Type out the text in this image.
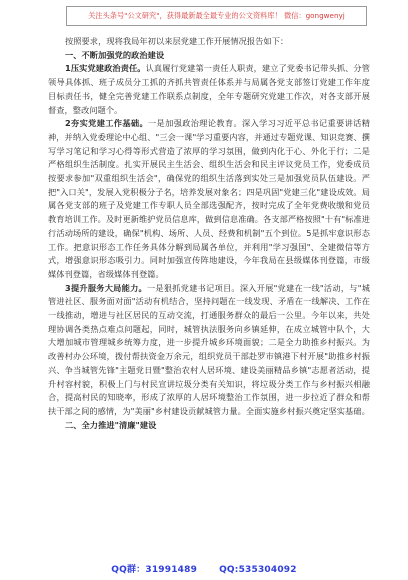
关注头条号"公文研究"，获得最新最全最专业的公文资料库！ 微信：gongwenyj

按照要求，现将我局年初以来层党建工作开展情况报告如下：

一、不断加强党的政治建设

1压实党建政治责任。认真履行党建第一责任人职责，建立了党委书记带头抓、分管领导具体抓、班子成员分工抓的齐抓共管责任体系并与局属各党支部签订党建工作年度目标责任书，健全完善党建工作联系点制度，全年专题研究党建工作次，对各支部开展督查，整改问题个。

2夯实党建工作基础。一是加强政治理论教育。深入学习习近平总书记重要讲话精神，并纳入党委理论中心组、"三会一课"学习重要内容，并通过专题党课、知识竞赛、撰写学习笔记和学习心得等形式营造了浓厚的学习氛围，做到内化于心、外化于行；二是严格组织生活制度。扎实开展民主生活会、组织生活会和民主评议党员工作，党委成员按要求参加"双重组织生活会"，确保党的组织生活落到实处三是加强党员队伍建设。严把"入口关"，发展入党积极分子名，培养发展对象名；四是巩固"党建三化"建设成效。局属各党支部的班子及党建工作专职人员全部选强配齐，按时完成了全年党费收缴和党员教育培训工作。及时更新维护党员信息库，做到信息准确。各支部严格按照"十有"标准进行活动场所的建设，确保"机构、场所、人员、经费和机制"五个到位。5是抓牢意识形态工作。把意识形态工作任务具体分解到局属各单位，并利用"学习强国"、全建微信等方式，增强意识形态吸引力。同时加强宣传阵地建设，今年我局在县级媒体刊登篇，市级媒体刊登篇，省级媒体刊登篇。

3提升服务大局能力。一是狠抓党建书记项目。深入开展"党建在一线"活动，与"城管进社区、服务面对面"活动有机结合，坚持问题在一线发现、矛盾在一线解决、工作在一线推动，增进与社区居民的互动交流，打通服务群众的最后一公里。今年以来，共处理协调各类热点难点问题起，同时，城管执法服务向乡镇延伸，在成立城管中队个，大大增加城市管理城乡统筹力度，进一步提升城乡环境面貌；二是全力助推乡村振兴。为改善村办公环境，拨付帮扶资金万余元，组织党员干部赴罗市镇港下村开展"助推乡村振兴、争当城管先锋"主题党日暨"整治农村人居环境、建设美丽精品乡镇"志愿者活动，提升村容村貌，积极上门与村民宣讲垃圾分类有关知识，将垃圾分类工作与乡村振兴相融合，提高村民的知晓率，形成了浓厚的人居环境整治工作氛围，进一步拉近了群众和帮扶干部之间的感情，为"美丽"乡村建设贡献城管力量。全面实施乡村振兴奠定坚实基础。

二、全力推进"清廉"建设

QQ群：31991489 QQ:535304092
